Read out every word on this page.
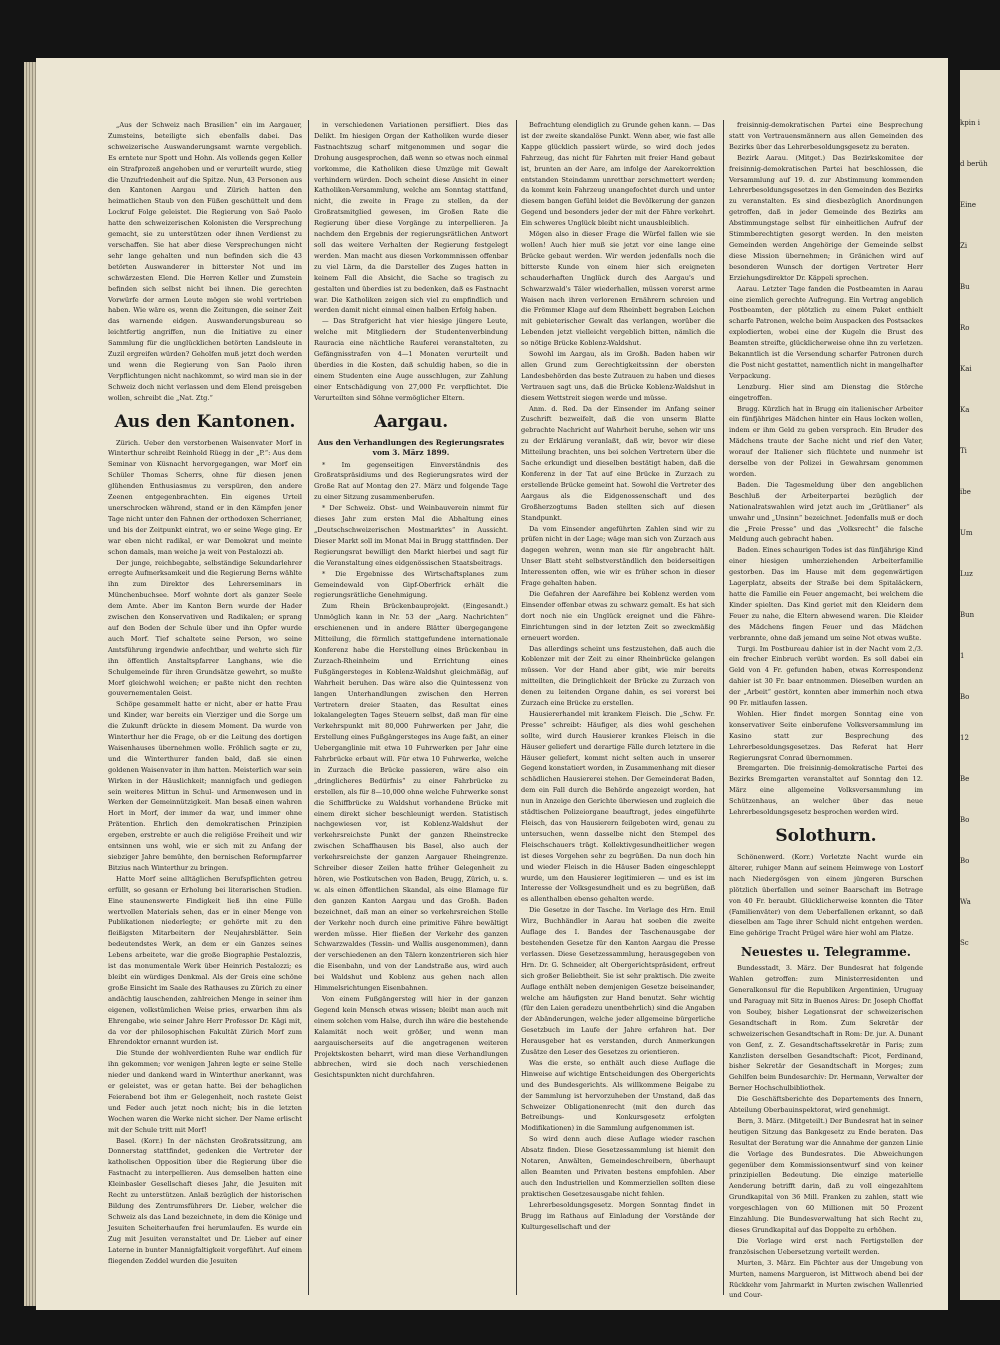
kpin i
d berüh
Eine
Zi
Bu
Ro
Kai
Ka
Ti
ibe
Um
Luz
Bun
1
Bo
12
Be
Bo
Bo
Wa
Sc

„Aus der Schweiz nach Brasilien“ ein im Aargauer, Zumsteins, beteiligte sich ebenfalls dabei. Das schweizerische Auswanderungsamt warnte vergeblich. Es erntete nur Spott und Hohn. Als vollends gegen Keller ein Strafprozeß angehoben und er verurteilt wurde, stieg die Unzufriedenheit auf die Spitze. Nun, 43 Personen aus den Kantonen Aargau und Zürich hatten den heimatlichen Staub von den Füßen geschüttelt und dem Lockruf Folge geleistet. Die Regierung von Saô Paolo hatte den schweizerischen Kolonisten die Versprechung gemacht, sie zu unterstützen oder ihnen Verdienst zu verschaffen. Sie hat aber diese Versprechungen nicht sehr lange gehalten und nun befinden sich die 43 betörten Auswanderer in bitterster Not und im schwärzesten Elend. Die Herren Keller und Zumstein befinden sich selbst nicht bei ihnen. Die gerechten Vorwürfe der armen Leute mögen sie wohl vertrieben haben. Wie wäre es, wenn die Zeitungen, die seiner Zeit das warnende eidgen. Auswanderungsbureau so leichtfertig angriffen, nun die Initiative zu einer Sammlung für die unglücklichen betörten Landsleute in Zuzil ergreifen würden? Geholfen muß jetzt doch werden und wenn die Regierung von San Paolo ihren Verpflichtungen nicht nachkommt, so wird man sie in der Schweiz doch nicht verlassen und dem Elend preisgeben wollen, schreibt die „Nat. Ztg.“

Aus den Kantonen.

Zürich. Ueber den verstorbenen Waisenvater Morf in Winterthur schreibt Reinhold Rüegg in der „P.“: Aus dem Seminar von Küsnacht hervorgegangen, war Morf ein Schüler Thomas Scherrs, ohne für diesen jenen glühenden Enthusiasmus zu verspüren, den andere Zeenen entgegenbrachten. Ein eigenes Urteil unerschrocken während, stand er in den Kämpfen jener Tage nicht unter den Fahnen der orthodoxen Scherrianer, und bis der Zeitpunkt eintrat, wo er seine Wege ging. Er war eben nicht radikal, er war Demokrat und meinte schon damals, man weiche ja weit von Pestalozzi ab.

Der junge, reichbegabte, selbständige Sekundarlehrer erregte Aufmerksamkeit und die Regierung Berns wählte ihn zum Direktor des Lehrerseminars in Münchenbuchsee. Morf wohnte dort als ganzer Seele dem Amte. Aber im Kanton Bern wurde der Hader zwischen den Konservativen und Radikalen; er sprang auf den Boden der Schule über und ihn Opfer wurde auch Morf. Tief schaltete seine Person, wo seine Amtsführung irgendwie anfechtbar, und wehrte sich für ihn öffentlich Anstaltspfarrer Langhans, wie die Schulgemeinde für ihren Grundsätze gewehrt, so mußte Morf gleichwohl weichen; er paßte nicht den rechten gouvernementalen Geist.

Schöpe gesammelt hatte er nicht, aber er hatte Frau und Kinder, war bereits ein Vierziger und die Sorge um die Zukunft drückte in diesem Moment. Da wurde von Winterthur her die Frage, ob er die Leitung des dortigen Waisenhauses übernehmen wolle. Fröhlich sagte er zu, und die Winterthurer fanden bald, daß sie einen goldenen Waisenvater in ihm hatten. Meisterlich war sein Wirken in der Häuslichkeit; mannigfach und gediegen sein weiteres Mittun in Schul- und Armenwesen und in Werken der Gemeinnützigkeit. Man besaß einen wahren Hort in Morf, der immer da war, und immer ohne Prätention. Ehrlich den demokratischen Prinzipien ergeben, erstrebte er auch die religiöse Freiheit und wir entsinnen uns wohl, wie er sich mit zu Anfang der siebziger Jahre bemühte, den bernischen Reformpfarrer Bitzius nach Winterthur zu bringen.

Hatte Morf seine alltäglichen Berufspflichten getreu erfüllt, so gesann er Erholung bei literarischen Studien. Eine staunenswerte Findigkeit ließ ihn eine Fülle wertvollen Materials sehen, das er in einer Menge von Publikationen niederlegte; er gehörte mit zu den fleißigsten Mitarbeitern der Neujahrsblätter. Sein bedeutendstes Werk, an dem er ein Ganzes seines Lebens arbeitete, war die große Biographie Pestalozzis, ist das monumentale Werk über Heinrich Pestalozzi; es bleibt ein würdiges Denkmal. Als der Greis eine schöne große Einsicht im Saale des Rathauses zu Zürich zu einer andächtig lauschenden, zahlreichen Menge in seiner ihm eigenen, volkstümlichen Weise pries, erwarben ihm als Ehrengabe, wie seiner Jahre Herr Professor Dr. Kägi mit, da vor der philosophischen Fakultät Zürich Morf zum Ehrendoktor ernannt wurden ist.

Die Stunde der wohlverdienten Ruhe war endlich für ihn gekommen; vor wenigen Jahren legte er seine Stelle nieder und dankend ward in Winterthur anerkannt, was er geleistet, was er getan hatte. Bei der behaglichen Feierabend bot ihm er Gelegenheit, noch rastete Geist und Feder auch jetzt noch nicht; bis in die letzten Wochen waren die Werke nicht sicher. Der Name erlischt mit der Schule tritt mit Morf!

Basel. (Korr.) In der nächsten Großratssitzung, am Donnerstag stattfindet, gedenken die Vertreter der katholischen Opposition über die Regierung über die Fastnacht zu interpellieren. Aus demselben hatten eine Kleinbasler Gesellschaft dieses Jahr, die Jesuiten mit Recht zu unterstützen. Anlaß bezüglich der historischen Bildung des Zentrumsführers Dr. Lieber, welcher die Schweiz als das Land bezeichnete, in dem die Könige und Jesuiten Scheiterhaufen frei herumlaufen. Es wurde ein Zug mit Jesuiten veranstaltet und Dr. Lieber auf einer Laterne in bunter Mannigfaltigkeit vorgeführt. Auf einem fliegenden Zeddel wurden die Jesuiten

in verschiedenen Variationen persifliert. Dies das Delikt. Im hiesigen Organ der Katholiken wurde dieser Fastnachtszug scharf mitgenommen und sogar die Drohung ausgesprochen, daß wenn so etwas noch einmal vorkomme, die Katholiken diese Umzüge mit Gewalt verhindern würden. Doch scheint diese Ansicht in einer Katholiken-Versammlung, welche am Sonntag stattfand, nicht, die zweite in Frage zu stellen, da der Großratsmitglied gewesen, im Großen Rate die Regierung über diese Vorgänge zu interpellieren. Ja nachdem den Ergebnis der regierungsrätlichen Antwort soll das weitere Verhalten der Regierung festgelegt werden. Man macht aus diesen Vorkommnissen offenbar zu viel Lärm, da die Darsteller des Zuges hatten in keinem Fall die Absicht, die Sache so tragisch zu gestalten und überdies ist zu bedenken, daß es Fastnacht war. Die Katholiken zeigen sich viel zu empfindlich und werden damit nicht einmal einen halben Erfolg haben.

— Das Strafgericht hat vier hiesige jüngere Leute, welche mit Mitgliedern der Studentenverbindung Rauracia eine nächtliche Rauferei veranstalteten, zu Gefängnisstrafen von 4—1 Monaten verurteilt und überdies in die Kosten, daß schuldig haben, so die in einem Studenten eine Auge ausschlugen, zur Zahlung einer Entschädigung von 27,000 Fr. verpflichtet. Die Verurteilten sind Söhne vermöglicher Eltern.

Aargau.

Aus den Verhandlungen des Regierungsrates vom 3. März 1899.

* Im gegenseitigen Einverständnis des Großratspräsidiums und des Regierungsrates wird der Große Rat auf Montag den 27. März und folgende Tage zu einer Sitzung zusammenberufen.

* Der Schweiz. Obst- und Weinbauverein nimmt für dieses Jahr zum ersten Mal die Abhaltung eines „Deutschschweizerischen Mostmarktes“ in Aussicht. Dieser Markt soll im Monat Mai in Brugg stattfinden. Der Regierungsrat bewilligt den Markt hierbei und sagt für die Veranstaltung eines eidgenössischen Staatsbeitrags.

* Die Ergebnisse des Wirtschaftsplanes zum Gemeindewald von Gipf-Oberfrick erhält die regierungsrätliche Genehmigung.

Zum Rhein Brückenbauprojekt. (Eingesandt.) Unmöglich kann in Nr. 53 der „Aarg. Nachrichten“ erschienenen und in andere Blätter übergegangene Mitteilung, die förmlich stattgefundene internationale Konferenz habe die Herstellung eines Brückenbau in Zurzach-Rheinheim und Errichtung eines Fußgängersteges in Koblenz-Waldshut gleichmäßig, auf Wahrheit beruhen. Das wäre also die Quintessenz von langen Unterhandlungen zwischen den Herren Vertretern dreier Staaten, das Resultat eines lokalangelegten Tages Steuern selbst, daß man für eine Verkehrspunkt mit 80,000 Fuhrwerken per Jahr, die Erstellung eines Fußgängersteges ins Auge faßt, an einer Ueberganglinie mit etwa 10 Fuhrwerken per Jahr eine Fahrbrücke erbaut will. Für etwa 10 Fuhrwerke, welche in Zurzach die Brücke passieren, wäre also ein „dringlicheres Bedürfnis“ zu einer Fahrbrücke zu erstellen, als für 8—10,000 ohne welche Fuhrwerke sonst die Schiffbrücke zu Waldshut vorhandene Brücke mit einem direkt sicher beschleunigt werden. Statistisch nachgewiesen vor, ist Koblenz-Waldshut der verkehrsreichste Punkt der ganzen Rheinstrecke zwischen Schaffhausen bis Basel, also auch der verkehrsreichste der ganzen Aargauer Rheingrenze. Schreiber dieser Zeilen hatte früher Gelegenheit zu hören, wie Postkutschen von Baden, Brugg, Zürich, u. s. w. als einen öffentlichen Skandal, als eine Blamage für den ganzen Kanton Aargau und das Großh. Baden bezeichnet, daß man an einer so verkehrsreichen Stelle der Verkehr noch durch eine primitive Fähre bewältigt werden müsse. Hier fließen der Verkehr des ganzen Schwarzwaldes (Tessin- und Wallis ausgenommen), dann der verschiedenen an den Tälern konzentrieren sich hier die Eisenbahn, und von der Landstraße aus, wird auch bei Waldshut und Koblenz aus gehen nach allen Himmelsrichtungen Eisenbahnen.

Von einem Fußgängersteg will hier in der ganzen Gegend kein Mensch etwas wissen; bleibt man auch mit einem solchen vom Halse, durch ihn wäre die bestehende Kalamität noch weit größer, und wenn man aargauischerseits auf die angetragenen weiteren Projektskosten beharrt, wird man diese Verhandlungen abbrechen, wird sie doch nach verschiedenen Gesichtspunkten nicht durchfahren.

Befrachtung elendiglich zu Grunde gehen kann. — Das ist der zweite skandalöse Punkt. Wenn aber, wie fast alle Kappe glücklich passiert würde, so wird doch jedes Fahrzeug, das nicht für Fahrten mit freier Hand gebaut ist, brunten an der Aare, am infolge der Aarekorrektion entstanden Steindamm unrettbar zerschmettert werden; da kommt kein Fahrzeug unangefochtet durch und unter diesem bangen Gefühl leidet die Bevölkerung der ganzen Gegend und besonders jeder der mit der Fähre verkehrt. Ein schweres Unglück bleibt nicht unausbleiblich.

Mögen also in dieser Frage die Würfel fallen wie sie wollen! Auch hier muß sie jetzt vor eine lange eine Brücke gebaut werden. Wir werden jedenfalls noch die bitterste Kunde von einem hier sich ereigneten schauderhaften Unglück durch des Aargau's und Schwarzwald's Täler wiederhallen, müssen vorerst arme Waisen nach ihren verlorenen Ernährern schreien und die Frömmer Klage auf dem Rheinbett begraben Leichen mit gebieterischer Gewalt das verlangen, worüber die Lebenden jetzt vielleicht vergeblich bitten, nämlich die so nötige Brücke Koblenz-Waldshut.

Sowohl im Aargau, als im Großh. Baden haben wir allen Grund zum Gerechtigkeitssinn der obersten Landesbehörden das beste Zutrauen zu haben und dieses Vertrauen sagt uns, daß die Brücke Koblenz-Waldshut in diesem Wettstreit siegen werde und müsse.

Anm. d. Red. Da der Einsender im Anfang seiner Zuschrift bezweifelt, daß die von unserm Blatte gebrachte Nachricht auf Wahrheit beruhe, sehen wir uns zu der Erklärung veranlaßt, daß wir, bevor wir diese Mitteilung brachten, uns bei solchen Vertretern über die Sache erkundigt und dieselben bestätigt haben, daß die Konferenz in der Tat auf eine Brücke in Zurzach zu erstellende Brücke gemeint hat. Sowohl die Vertreter des Aargaus als die Eidgenossenschaft und des Großherzogtums Baden stellten sich auf diesen Standpunkt.

Da vom Einsender angeführten Zahlen sind wir zu prüfen nicht in der Lage; wäge man sich von Zurzach aus dagegen wehren, wenn man sie für angebracht hält. Unser Blatt steht selbstverständlich den beiderseitigen Interessenten offen, wie wir es früher schon in dieser Frage gehalten haben.

Die Gefahren der Aarefähre bei Koblenz werden vom Einsender offenbar etwas zu schwarz gemalt. Es hat sich dort noch nie ein Unglück ereignet und die Fähre-Einrichtungen sind in der letzten Zeit so zweckmäßig erneuert worden.

Das allerdings scheint uns festzustehen, daß auch die Koblenzer mit der Zeit zu einer Rheinbrücke gelangen müssen. Vor der Hand aber gibt, wie mir bereits mitteilten, die Dringlichkeit der Brücke zu Zurzach von denen zu leitenden Organe dahin, es sei vorerst bei Zurzach eine Brücke zu erstellen.

Hausiererhandel mit krankem Fleisch. Die „Schw. Fr. Presse“ schreibt: Häufiger, als dies wohl geschehen sollte, wird durch Hausierer krankes Fleisch in die Häuser geliefert und derartige Fälle durch letztere in die Häuser geliefert, kommt nicht selten auch in unserer Gegend konstatiert worden, in Zusammenhang mit dieser schädlichen Hausiererei stehen. Der Gemeinderat Baden, dem ein Fall durch die Behörde angezeigt worden, hat nun in Anzeige den Gerichte überwiesen und zugleich die städtischen Polizeiorgane beauftragt, jedes eingeführte Fleisch, das von Hausierern feilgeboten wird, genau zu untersuchen, wenn dasselbe nicht den Stempel des Fleischschauers trägt. Kollektivgesundheitlicher wegen ist dieses Vorgehen sehr zu begrüßen. Da nun doch hin und wieder Fleisch in die Häuser Baden eingeschleppt wurde, um den Hausierer legitimieren — und es ist im Interesse der Volksgesundheit und es zu begrüßen, daß es allenthalben ebenso gehalten werde.

Die Gesetze in der Tasche. Im Verlage des Hrn. Emil Wirz, Buchhändler in Aarau hat soeben die zweite Auflage des I. Bandes der Taschenausgabe der bestehenden Gesetze für den Kanton Aargau die Presse verlassen. Diese Gesetzessammlung, herausgegeben von Hrn. Dr. G. Schneider, alt Obergerichtspräsident, erfreut sich großer Beliebtheit. Sie ist sehr praktisch. Die zweite Auflage enthält neben demjenigen Gesetze beiseinander, welche am häufigsten zur Hand benutzt. Sehr wichtig (für den Laien geradezu unentbehrlich) sind die Angaben der Abänderungen, welche jeder allgemeine bürgerliche Gesetzbuch im Laufe der Jahre erfahren hat. Der Herausgeber hat es verstanden, durch Anmerkungen Zusätze den Leser des Gesetzes zu orientieren.

Was die erste, so enthält auch diese Auflage die Hinweise auf wichtige Entscheidungen des Obergerichts und des Bundesgerichts. Als willkommene Beigabe zu der Sammlung ist hervorzuheben der Umstand, daß das Schweizer Obligationenrecht (mit den durch das Betreibungs- und Konkursgesetz erfolgten Modifikationen) in die Sammlung aufgenommen ist.

So wird denn auch diese Auflage wieder raschen Absatz finden. Diese Gesetzessammlung ist hiemit den Notaren, Anwälten, Gemeindeschreibern, überhaupt allen Beamten und Privaten bestens empfohlen. Aber auch den Industriellen und Kommerziellen sollten diese praktischen Gesetzesausgabe nicht fehlen.

Lehrerbesoldungsgesetz. Morgen Sonntag findet in Brugg im Rathaus auf Einladung der Vorstände der Kulturgesellschaft und der

freisinnig-demokratischen Partei eine Besprechung statt von Vertrauensmännern aus allen Gemeinden des Bezirks über das Lehrerbesoldungsgesetz zu beraten.

Bezirk Aarau. (Mitget.) Das Bezirkskomitee der freisinnig-demokratischen Partei hat beschlossen, die Versammlung auf 19. d. zur Abstimmung kommenden Lehrerbesoldungsgesetzes in den Gemeinden des Bezirks zu veranstalten. Es sind diesbezüglich Anordnungen getroffen, daß in jeder Gemeinde des Bezirks am Abstimmungstage selbst für einheitlichen Aufruf der Stimmberechtigten gesorgt werden. In den meisten Gemeinden werden Angehörige der Gemeinde selbst diese Mission übernehmen; in Gränichen wird auf besonderen Wunsch der dortigen Vertreter Herr Erziehungsdirektor Dr. Käppeli sprechen.

Aarau. Letzter Tage fanden die Postbeamten in Aarau eine ziemlich gerechte Aufregung. Ein Vertrag angeblich Postbeamten, der plötzlich zu einem Paket enthielt scharfe Patronen, welche beim Auspacken des Postsackes explodierten, wobei eine der Kugeln die Brust des Beamten streifte, glücklicherweise ohne ihn zu verletzen. Bekanntlich ist die Versendung scharfer Patronen durch die Post nicht gestattet, namentlich nicht in mangelhafter Verpackung.

Lenzburg. Hier sind am Dienstag die Störche eingetroffen.

Brugg. Kürzlich hat in Brugg ein italienischer Arbeiter ein fünfjähriges Mädchen hinter ein Haus locken wollen, indem er ihm Geld zu geben versprach. Ein Bruder des Mädchens traute der Sache nicht und rief den Vater, worauf der Italiener sich flüchtete und nunmehr ist derselbe von der Polizei in Gewahrsam genommen worden.

Baden. Die Tagesmeldung über den angeblichen Beschluß der Arbeiterpartei bezüglich der Nationalratswahlen wird jetzt auch im „Grütlianer“ als unwahr und „Unsinn“ bezeichnet. Jedenfalls muß er doch die „Freie Presse“ und das „Volksrecht“ die falsche Meldung auch gebracht haben.

Baden. Eines schaurigen Todes ist das fünfjährige Kind einer hiesigen umherziehenden Arbeiterfamilie gestorben. Das im Hause mit dem gegenwärtigen Lagerplatz, abseits der Straße bei dem Spitaläckern, hatte die Familie ein Feuer angemacht, bei welchem die Kinder spielten. Das Kind geriet mit den Kleidern dem Feuer zu nahe, die Eltern abwesend waren. Die Kleider des Mädchens fingen Feuer und das Mädchen verbrannte, ohne daß jemand um seine Not etwas wußte.

Turgi. Im Postbureau dahier ist in der Nacht vom 2./3. ein frecher Einbruch verübt worden. Es soll dabei ein Geld von 4 Fr. gefunden haben, etwas Korrespondenz dahier ist 30 Fr. baar entnommen. Dieselben wurden an der „Arbeit“ gestört, konnten aber immerhin noch etwa 90 Fr. mitlaufen lassen.

Wohlen. Hier findet morgen Sonntag eine von konservativer Seite einberufene Volksversammlung im Kasino statt zur Besprechung des Lehrerbesoldungsgesetzes. Das Referat hat Herr Regierungsrat Conrad übernommen.

Bremgarten. Die freisinnig-demokratische Partei des Bezirks Bremgarten veranstaltet auf Sonntag den 12. März eine allgemeine Volksversammlung im Schützenhaus, an welcher über das neue Lehrerbesoldungsgesetz besprochen werden wird.

Solothurn.

Schönenwerd. (Korr.) Vorletzte Nacht wurde ein älterer, ruhiger Mann auf seinem Heimwege von Lostorf nach Niedergösgen von einem jüngeren Burschen plötzlich überfallen und seiner Baarschaft im Betrage von 40 Fr. beraubt. Glücklicherweise konnten die Täter (Familienväter) von dem Ueberfallenen erkannt, so daß dieselben am Tage ihrer Schuld nicht entgehen werden. Eine gehörige Tracht Prügel wäre hier wohl am Platze.

Neuestes u. Telegramme.

Bundesstadt, 3. März. Der Bundesrat hat folgende Wahlen getroffen: zum Ministerresidenten und Generalkonsul für die Republiken Argentinien, Uruguay und Paraguay mit Sitz in Buenos Aires: Dr. Joseph Choffat von Soubey, bisher Legationsrat der schweizerischen Gesandtschaft in Rom. Zum Sekretär der schweizerischen Gesandtschaft in Rom: Dr. jur. A. Dunant von Genf, z. Z. Gesandtschaftssekretär in Paris; zum Kanzlisten derselben Gesandtschaft: Picot, Ferdinand, bisher Sekretär der Gesandtschaft in Morges; zum Gehilfen beim Bundesarchiv: Dr. Hermann, Verwalter der Berner Hochschulbibliothek.

Die Geschäftsberichte des Departements des Innern, Abteilung Oberbauinspektorat, wird genehmigt.

Bern, 3. März. (Mitgeteilt.) Der Bundesrat hat in seiner heutigen Sitzung das Bankgesetz zu Ende beraten. Das Resultat der Beratung war die Annahme der ganzen Linie die Vorlage des Bundesrates. Die Abweichungen gegenüber dem Kommissionsentwurf sind von keiner prinzipiellen Bedeutung. Die einzige materielle Aenderung betrifft darin, daß zu voll eingezahltem Grundkapital von 36 Mill. Franken zu zahlen, statt wie vorgeschlagen von 60 Millionen mit 50 Prozent Einzahlung. Die Bundesverwaltung hat sich Recht zu, dieses Grundkapital auf das Doppelte zu erhöhen.

Die Vorlage wird erst nach Fertigstellen der französischen Uebersetzung verteilt werden.

Murten, 3. März. Ein Pächter aus der Umgebung von Murten, namens Margueron, ist Mittwoch abend bei der Rückkehr vom Jahrmarkt in Murten zwischen Wallenried und Cour-
